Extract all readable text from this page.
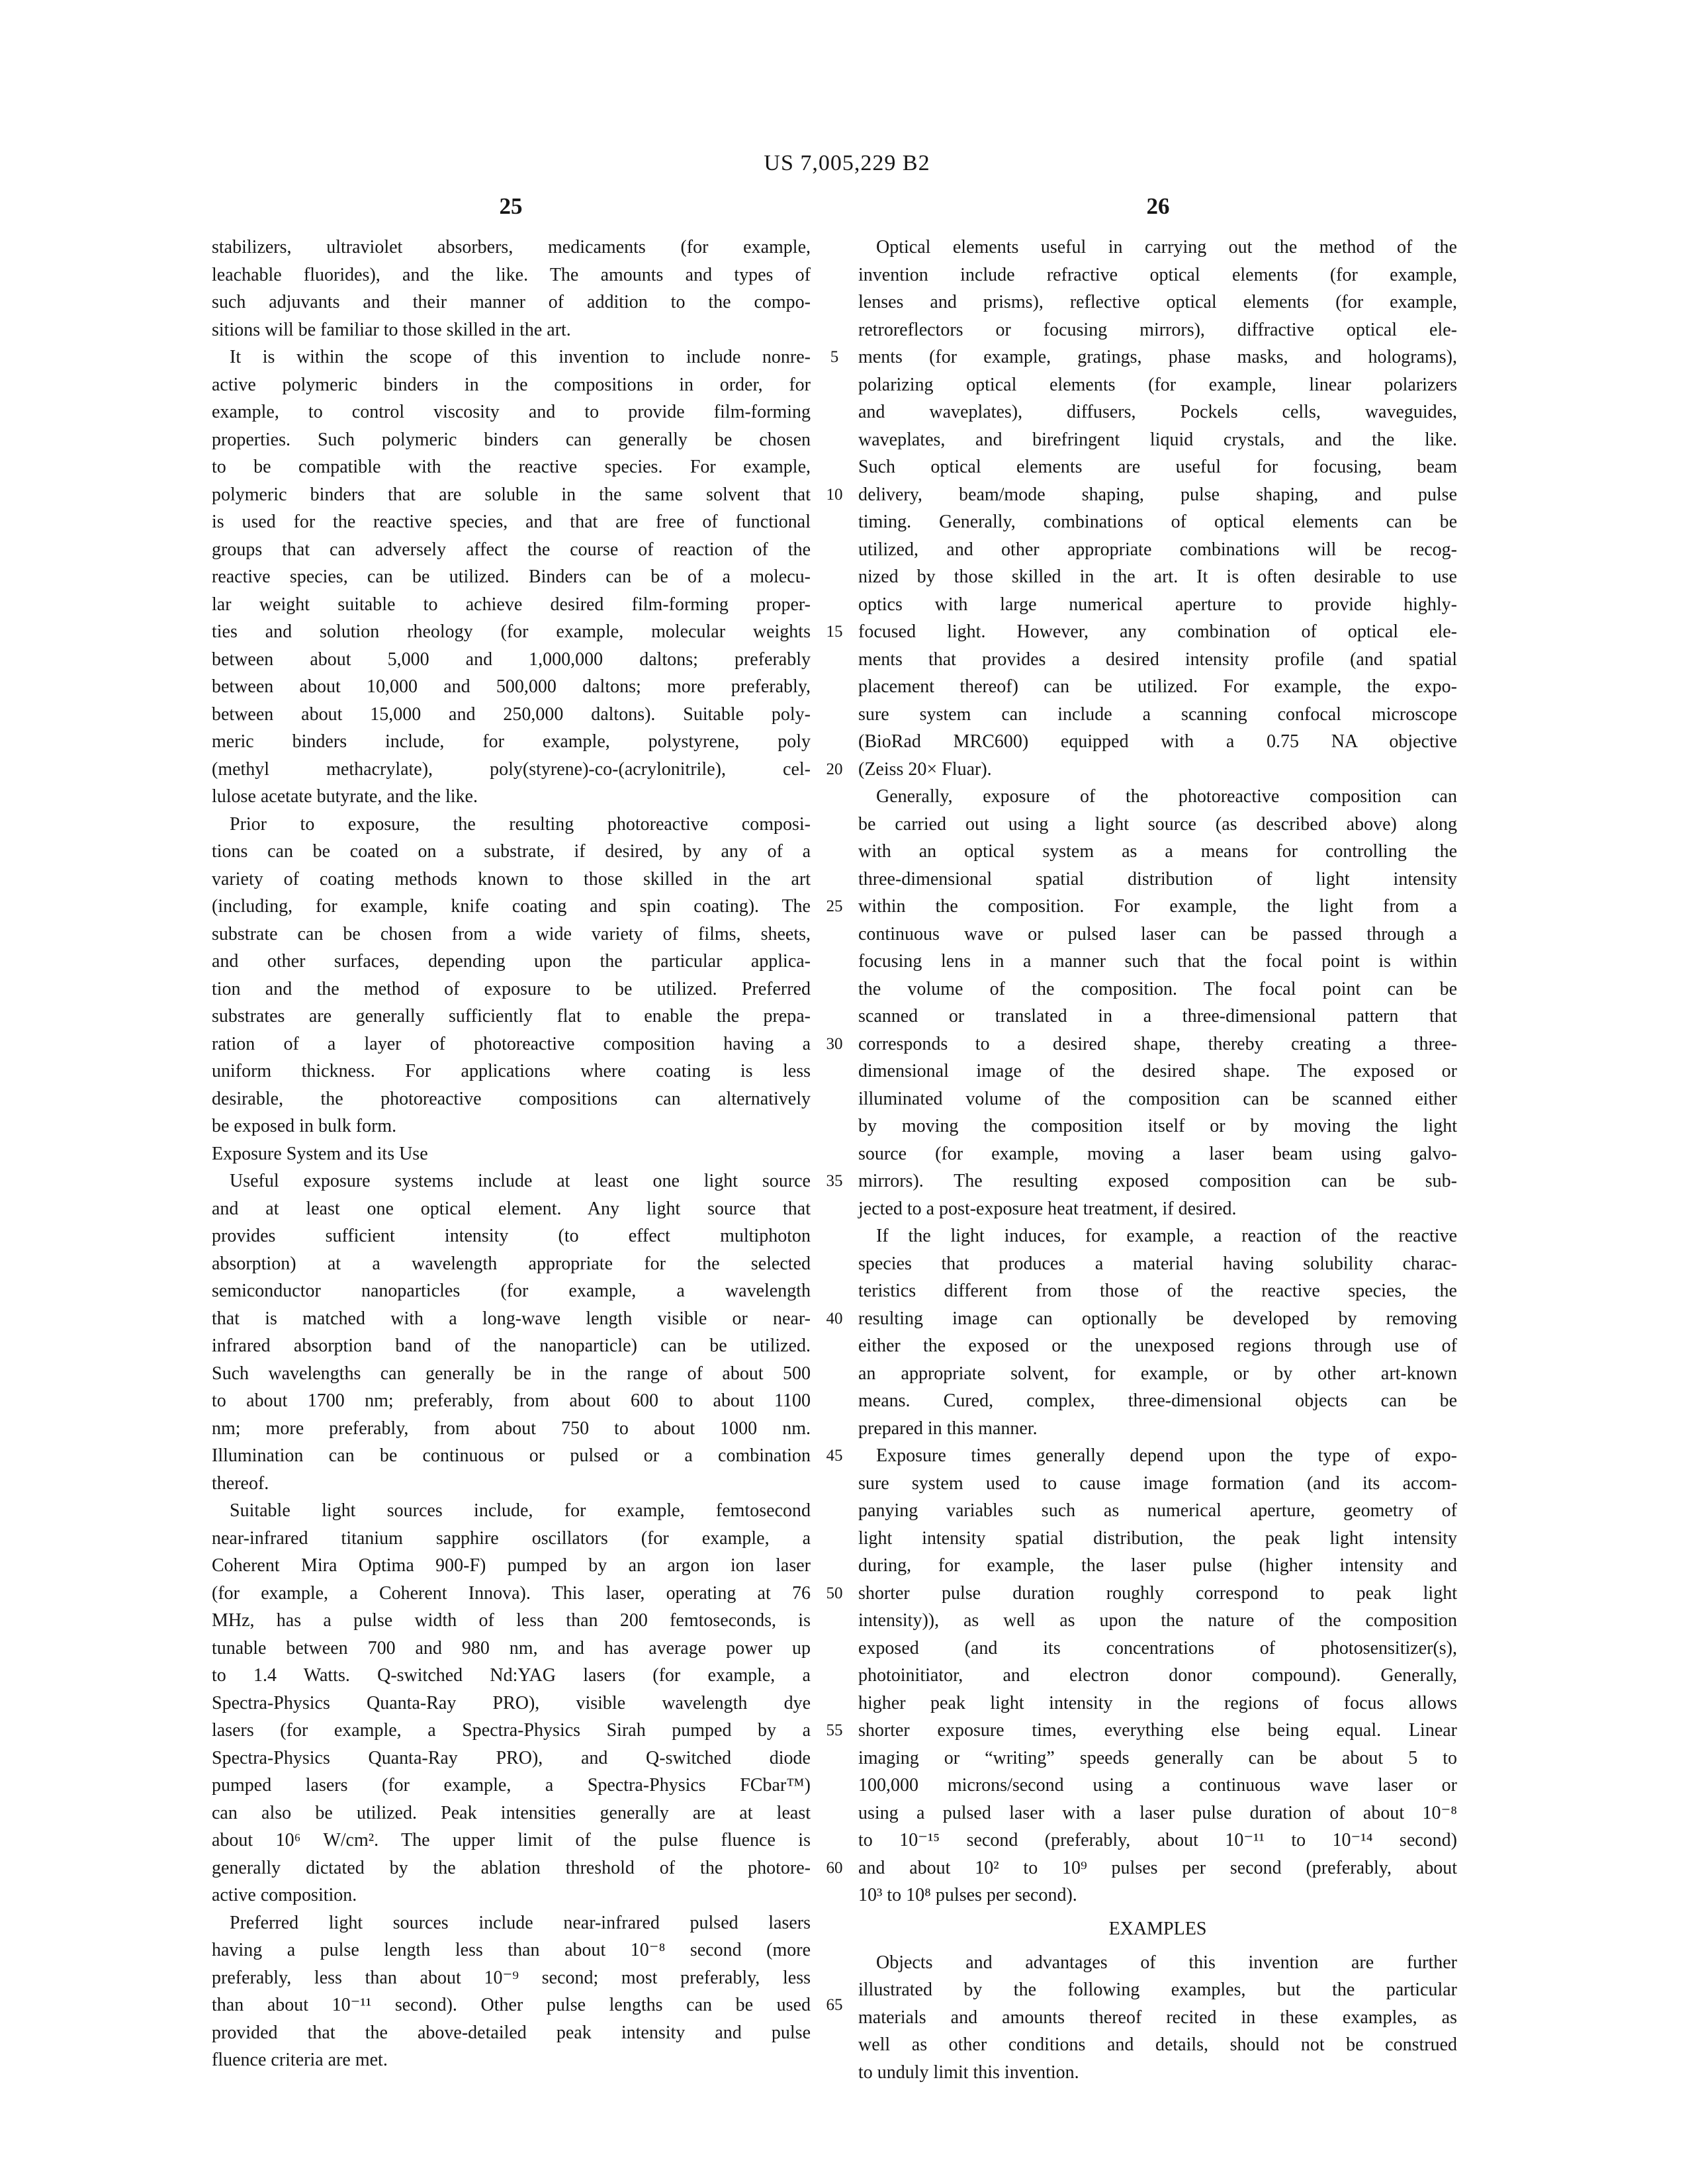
US 7,005,229 B2
25	26
stabilizers, ultraviolet absorbers, medicaments (for example,
leachable fluorides), and the like. The amounts and types of
such adjuvants and their manner of addition to the compo-
sitions will be familiar to those skilled in the art.
It is within the scope of this invention to include nonre-
active polymeric binders in the compositions in order, for
example, to control viscosity and to provide film-forming
properties. Such polymeric binders can generally be chosen
to be compatible with the reactive species. For example,
polymeric binders that are soluble in the same solvent that
is used for the reactive species, and that are free of functional
groups that can adversely affect the course of reaction of the
reactive species, can be utilized. Binders can be of a molecu-
lar weight suitable to achieve desired film-forming proper-
ties and solution rheology (for example, molecular weights
between about 5,000 and 1,000,000 daltons; preferably
between about 10,000 and 500,000 daltons; more preferably,
between about 15,000 and 250,000 daltons). Suitable poly-
meric binders include, for example, polystyrene, poly
(methyl methacrylate), poly(styrene)-co-(acrylonitrile), cel-
lulose acetate butyrate, and the like.
Prior to exposure, the resulting photoreactive composi-
tions can be coated on a substrate, if desired, by any of a
variety of coating methods known to those skilled in the art
(including, for example, knife coating and spin coating). The
substrate can be chosen from a wide variety of films, sheets,
and other surfaces, depending upon the particular applica-
tion and the method of exposure to be utilized. Preferred
substrates are generally sufficiently flat to enable the prepa-
ration of a layer of photoreactive composition having a
uniform thickness. For applications where coating is less
desirable, the photoreactive compositions can alternatively
be exposed in bulk form.
Exposure System and its Use
Useful exposure systems include at least one light source
and at least one optical element. Any light source that
provides sufficient intensity (to effect multiphoton
absorption) at a wavelength appropriate for the selected
semiconductor nanoparticles (for example, a wavelength
that is matched with a long-wave length visible or near-
infrared absorption band of the nanoparticle) can be utilized.
Such wavelengths can generally be in the range of about 500
to about 1700 nm; preferably, from about 600 to about 1100
nm; more preferably, from about 750 to about 1000 nm.
Illumination can be continuous or pulsed or a combination
thereof.
Suitable light sources include, for example, femtosecond
near-infrared titanium sapphire oscillators (for example, a
Coherent Mira Optima 900-F) pumped by an argon ion laser
(for example, a Coherent Innova). This laser, operating at 76
MHz, has a pulse width of less than 200 femtoseconds, is
tunable between 700 and 980 nm, and has average power up
to 1.4 Watts. Q-switched Nd:YAG lasers (for example, a
Spectra-Physics Quanta-Ray PRO), visible wavelength dye
lasers (for example, a Spectra-Physics Sirah pumped by a
Spectra-Physics Quanta-Ray PRO), and Q-switched diode
pumped lasers (for example, a Spectra-Physics FCbar™)
can also be utilized. Peak intensities generally are at least
about 10⁶ W/cm². The upper limit of the pulse fluence is
generally dictated by the ablation threshold of the photore-
active composition.
Preferred light sources include near-infrared pulsed lasers
having a pulse length less than about 10⁻⁸ second (more
preferably, less than about 10⁻⁹ second; most preferably, less
than about 10⁻¹¹ second). Other pulse lengths can be used
provided that the above-detailed peak intensity and pulse
fluence criteria are met.
5
10
15
20
25
30
35
40
45
50
55
60
65
Optical elements useful in carrying out the method of the
invention include refractive optical elements (for example,
lenses and prisms), reflective optical elements (for example,
retroreflectors or focusing mirrors), diffractive optical ele-
ments (for example, gratings, phase masks, and holograms),
polarizing optical elements (for example, linear polarizers
and waveplates), diffusers, Pockels cells, waveguides,
waveplates, and birefringent liquid crystals, and the like.
Such optical elements are useful for focusing, beam
delivery, beam/mode shaping, pulse shaping, and pulse
timing. Generally, combinations of optical elements can be
utilized, and other appropriate combinations will be recog-
nized by those skilled in the art. It is often desirable to use
optics with large numerical aperture to provide highly-
focused light. However, any combination of optical ele-
ments that provides a desired intensity profile (and spatial
placement thereof) can be utilized. For example, the expo-
sure system can include a scanning confocal microscope
(BioRad MRC600) equipped with a 0.75 NA objective
(Zeiss 20× Fluar).
Generally, exposure of the photoreactive composition can
be carried out using a light source (as described above) along
with an optical system as a means for controlling the
three-dimensional spatial distribution of light intensity
within the composition. For example, the light from a
continuous wave or pulsed laser can be passed through a
focusing lens in a manner such that the focal point is within
the volume of the composition. The focal point can be
scanned or translated in a three-dimensional pattern that
corresponds to a desired shape, thereby creating a three-
dimensional image of the desired shape. The exposed or
illuminated volume of the composition can be scanned either
by moving the composition itself or by moving the light
source (for example, moving a laser beam using galvo-
mirrors). The resulting exposed composition can be sub-
jected to a post-exposure heat treatment, if desired.
If the light induces, for example, a reaction of the reactive
species that produces a material having solubility charac-
teristics different from those of the reactive species, the
resulting image can optionally be developed by removing
either the exposed or the unexposed regions through use of
an appropriate solvent, for example, or by other art-known
means. Cured, complex, three-dimensional objects can be
prepared in this manner.
Exposure times generally depend upon the type of expo-
sure system used to cause image formation (and its accom-
panying variables such as numerical aperture, geometry of
light intensity spatial distribution, the peak light intensity
during, for example, the laser pulse (higher intensity and
shorter pulse duration roughly correspond to peak light
intensity)), as well as upon the nature of the composition
exposed (and its concentrations of photosensitizer(s),
photoinitiator, and electron donor compound). Generally,
higher peak light intensity in the regions of focus allows
shorter exposure times, everything else being equal. Linear
imaging or “writing” speeds generally can be about 5 to
100,000 microns/second using a continuous wave laser or
using a pulsed laser with a laser pulse duration of about 10⁻⁸
to 10⁻¹⁵ second (preferably, about 10⁻¹¹ to 10⁻¹⁴ second)
and about 10² to 10⁹ pulses per second (preferably, about
10³ to 10⁸ pulses per second).
EXAMPLES
Objects and advantages of this invention are further
illustrated by the following examples, but the particular
materials and amounts thereof recited in these examples, as
well as other conditions and details, should not be construed
to unduly limit this invention.
